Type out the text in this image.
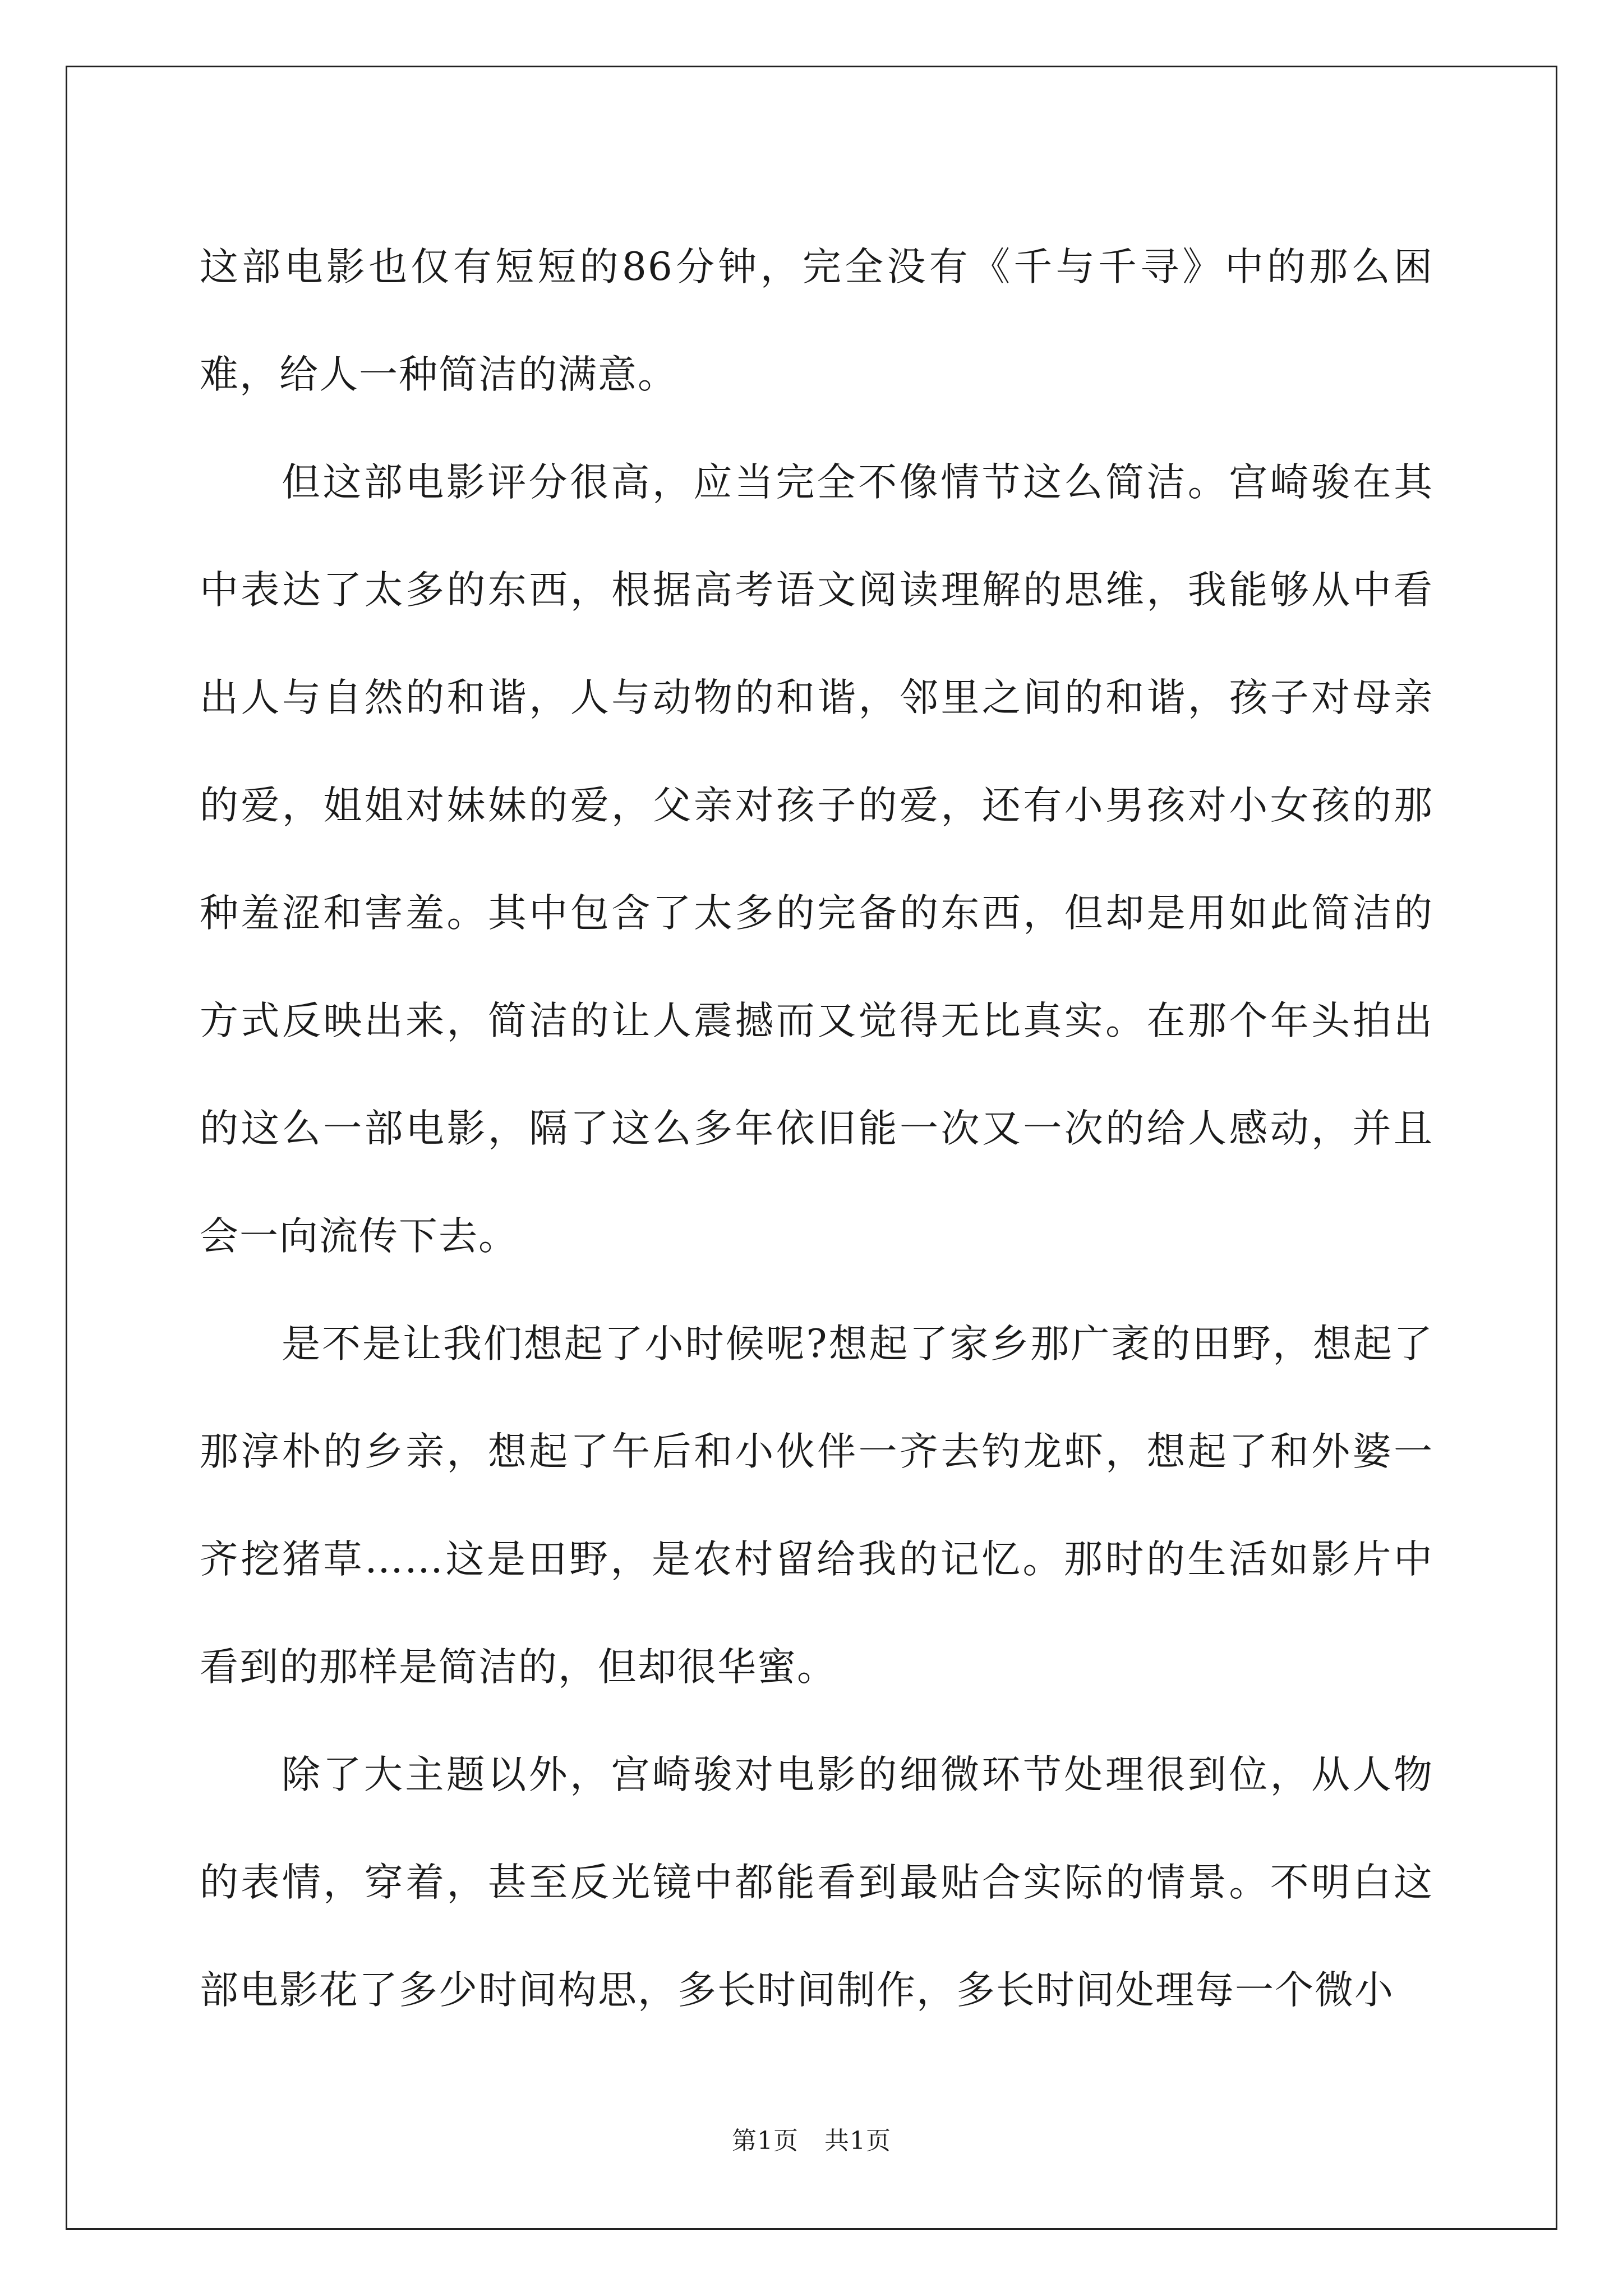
这部电影也仅有短短的86分钟，完全没有《千与千寻》中的那么困难，给人一种简洁的满意。

但这部电影评分很高，应当完全不像情节这么简洁。宫崎骏在其中表达了太多的东西，根据高考语文阅读理解的思维，我能够从中看出人与自然的和谐，人与动物的和谐，邻里之间的和谐，孩子对母亲的爱，姐姐对妹妹的爱，父亲对孩子的爱，还有小男孩对小女孩的那种羞涩和害羞。其中包含了太多的完备的东西，但却是用如此简洁的方式反映出来，简洁的让人震撼而又觉得无比真实。在那个年头拍出的这么一部电影，隔了这么多年依旧能一次又一次的给人感动，并且会一向流传下去。

是不是让我们想起了小时候呢?想起了家乡那广袤的田野，想起了那淳朴的乡亲，想起了午后和小伙伴一齐去钓龙虾，想起了和外婆一齐挖猪草……这是田野，是农村留给我的记忆。那时的生活如影片中看到的那样是简洁的，但却很华蜜。

除了大主题以外，宫崎骏对电影的细微环节处理很到位，从人物的表情，穿着，甚至反光镜中都能看到最贴合实际的情景。不明白这部电影花了多少时间构思，多长时间制作，多长时间处理每一个微小

第1页 共1页
